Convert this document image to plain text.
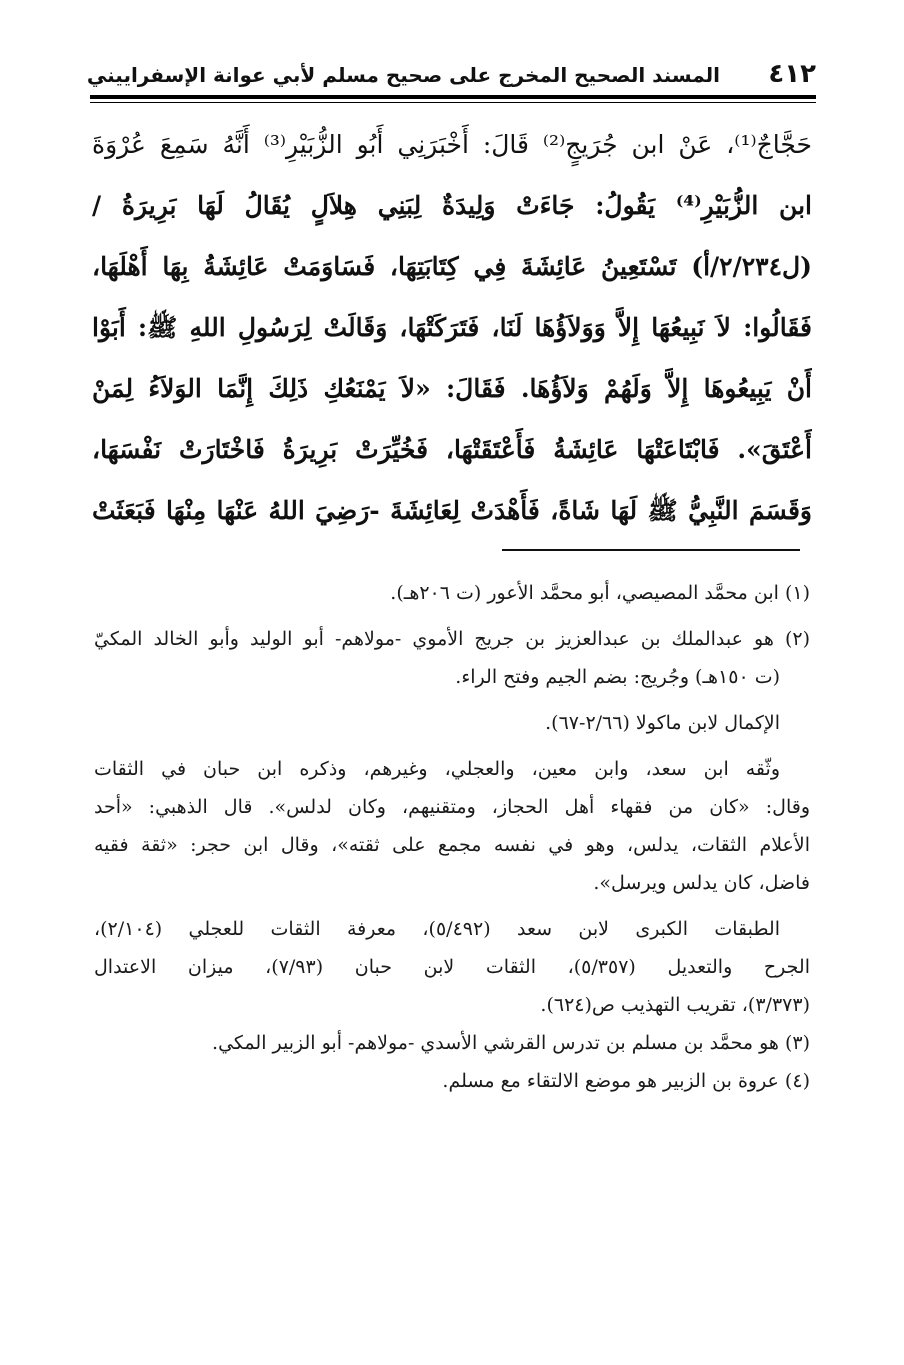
٤١٢
المسند الصحيح المخرج على صحيح مسلم لأبي عوانة الإسفراييني
حَجَّاجٌ⁽¹⁾، عَنْ ابن جُرَيجٍ⁽²⁾ قَالَ: أَخْبَرَنِي أَبُو الزُّبَيْرِ⁽³⁾ أَنَّهُ سَمِعَ عُرْوَةَ
ابن الزُّبَيْرِ⁽⁴⁾ يَقُولُ: جَاءَتْ وَلِيدَةٌ لِبَنِي هِلاَلٍ يُقَالُ لَهَا بَرِيرَةُ /
(ل٢/٢٣٤/أ) تَسْتَعِينُ عَائِشَةَ فِي كِتَابَتِهَا، فَسَاوَمَتْ عَائِشَةُ بِهَا أَهْلَهَا،
فَقَالُوا: لاَ نَبِيعُهَا إِلاَّ وَوَلاَؤُهَا لَنَا، فَتَرَكَتْهَا، وَقَالَتْ لِرَسُولِ اللهِ ﷺ: أَبَوْا
أَنْ يَبِيعُوهَا إِلاَّ وَلَهُمْ وَلاَؤُهَا. فَقَالَ: «لاَ يَمْنَعُكِ ذَلِكَ إِنَّمَا الوَلاَءُ لِمَنْ
أَعْتَقَ». فَابْتَاعَتْهَا عَائِشَةُ فَأَعْتَقَتْهَا، فَخُيِّرَتْ بَرِيرَةُ فَاخْتَارَتْ نَفْسَهَا،
وَقَسَمَ النَّبِيُّ ﷺ لَهَا شَاةً، فَأَهْدَتْ لِعَائِشَةَ -رَضِيَ اللهُ عَنْهَا مِنْهَا فَبَعَثَتْ
(١) ابن محمَّد المصيصي، أبو محمَّد الأعور (ت ٢٠٦هـ).
(٢) هو عبدالملك بن عبدالعزيز بن جريج الأموي -مولاهم- أبو الوليد وأبو الخالد المكيّ
(ت ١٥٠هـ) وجُريج: بضم الجيم وفتح الراء.
الإكمال لابن ماكولا (٢/٦٦-٦٧).
وثّقه ابن سعد، وابن معين، والعجلي، وغيرهم، وذكره ابن حبان في الثقات
وقال: «كان من فقهاء أهل الحجاز، ومتقنيهم، وكان لدلس». قال الذهبي: «أحد
الأعلام الثقات، يدلس، وهو في نفسه مجمع على ثقته»، وقال ابن حجر: «ثقة فقيه
فاضل، كان يدلس ويرسل».
الطبقات الكبرى لابن سعد (٥/٤٩٢)، معرفة الثقات للعجلي (٢/١٠٤)،
الجرح والتعديل (٥/٣٥٧)، الثقات لابن حبان (٧/٩٣)، ميزان الاعتدال
(٣/٣٧٣)، تقريب التهذيب ص(٦٢٤).
(٣) هو محمَّد بن مسلم بن تدرس القرشي الأسدي -مولاهم- أبو الزبير المكي.
(٤) عروة بن الزبير هو موضع الالتقاء مع مسلم.
